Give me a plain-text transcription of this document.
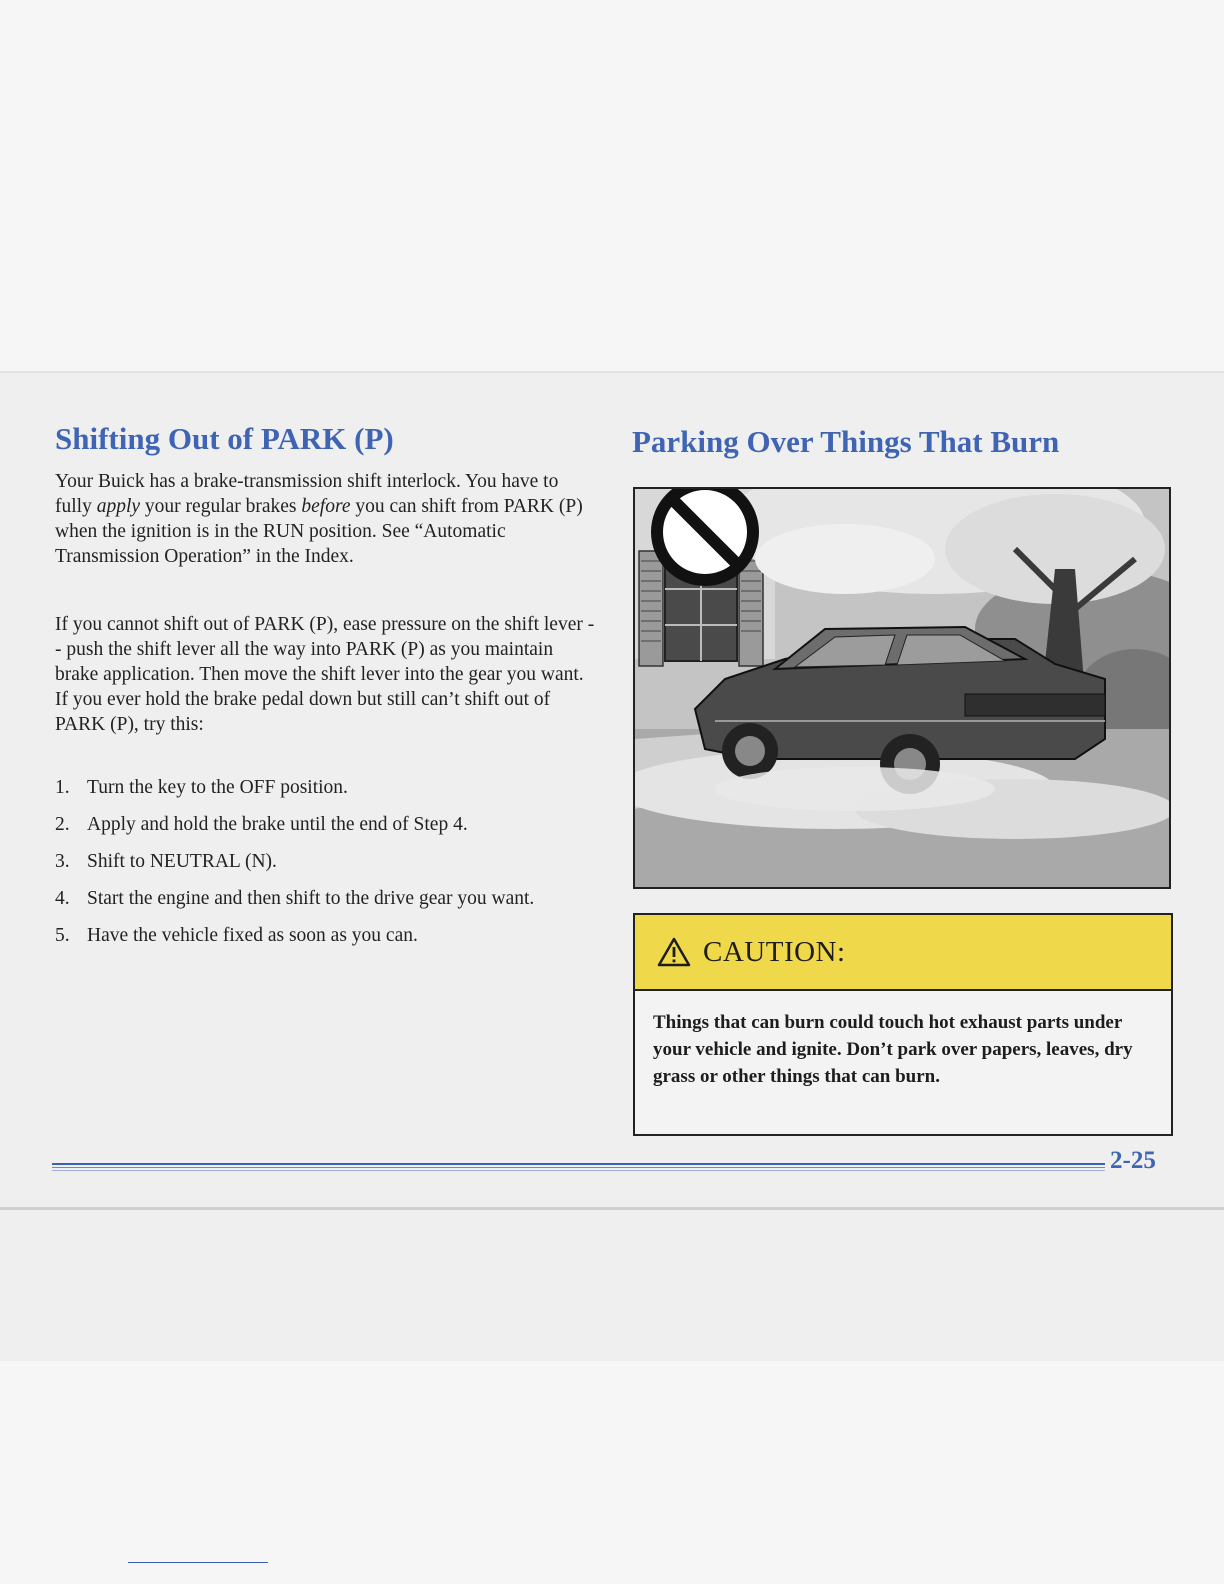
Shifting Out of PARK (P)

Your Buick has a brake-transmission shift interlock. You have to fully apply your regular brakes before you can shift from PARK (P) when the ignition is in the RUN position. See “Automatic Transmission Operation” in the Index.

If you cannot shift out of PARK (P), ease pressure on the shift lever -- push the shift lever all the way into PARK (P) as you maintain brake application. Then move the shift lever into the gear you want. If you ever hold the brake pedal down but still can’t shift out of PARK (P), try this:

1. Turn the key to the OFF position.
2. Apply and hold the brake until the end of Step 4.
3. Shift to NEUTRAL (N).
4. Start the engine and then shift to the drive gear you want.
5. Have the vehicle fixed as soon as you can.
Parking Over Things That Burn
CAUTION:
Things that can burn could touch hot exhaust parts under your vehicle and ignite. Don’t park over papers, leaves, dry grass or other things that can burn.
2-25
